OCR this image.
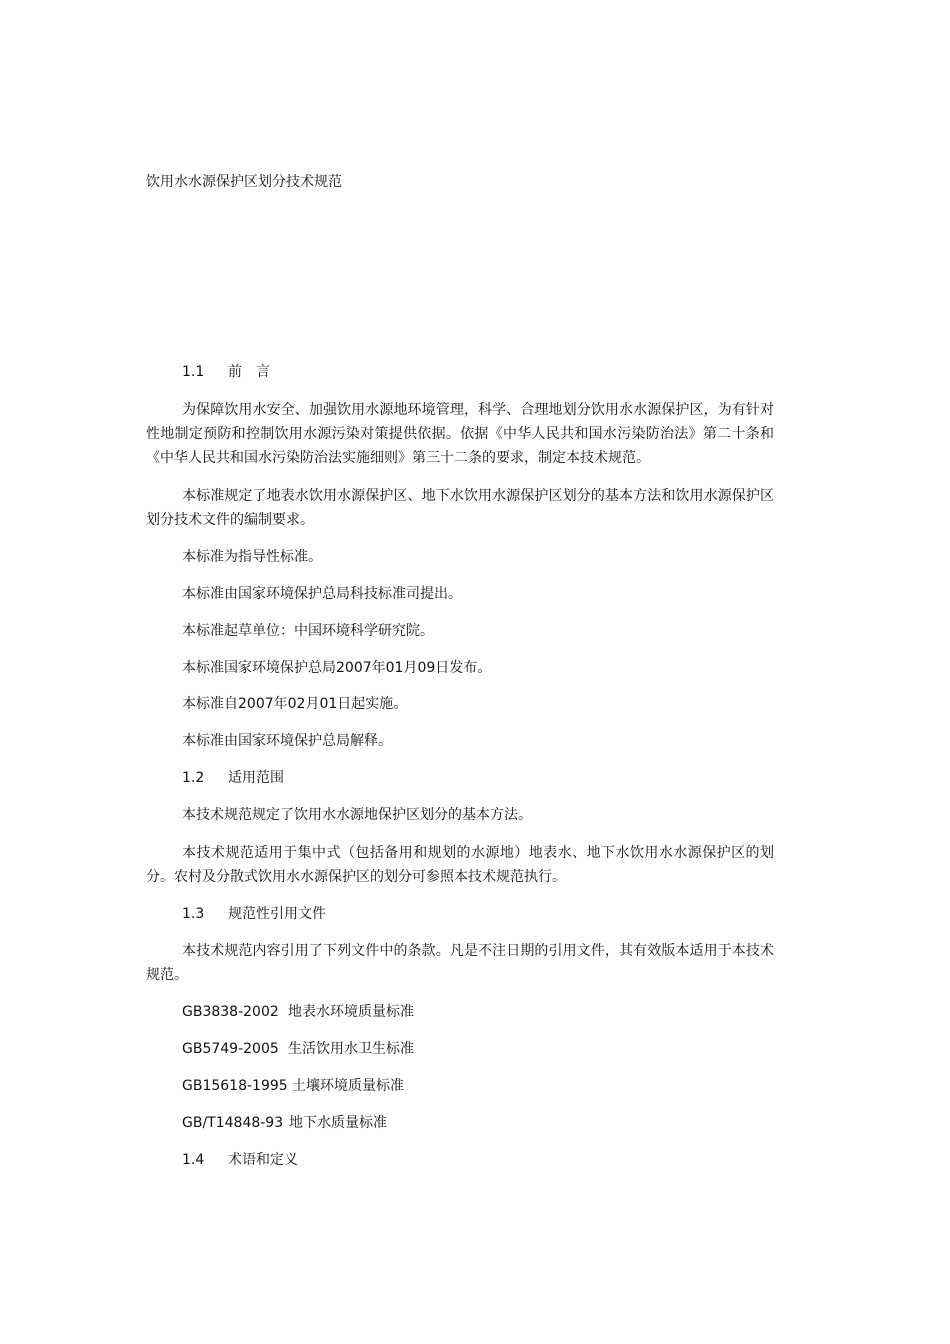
饮用水水源保护区划分技术规范
1.1 前　言
为保障饮用水安全、加强饮用水源地环境管理，科学、合理地划分饮用水水源保护区，为有针对性地制定预防和控制饮用水源污染对策提供依据。依据《中华人民共和国水污染防治法》第二十条和《中华人民共和国水污染防治法实施细则》第三十二条的要求，制定本技术规范。
本标准规定了地表水饮用水源保护区、地下水饮用水源保护区划分的基本方法和饮用水源保护区划分技术文件的编制要求。
本标准为指导性标准。
本标准由国家环境保护总局科技标准司提出。
本标准起草单位：中国环境科学研究院。
本标准国家环境保护总局2007年01月09日发布。
本标准自2007年02月01日起实施。
本标准由国家环境保护总局解释。
1.2 适用范围
本技术规范规定了饮用水水源地保护区划分的基本方法。
本技术规范适用于集中式（包括备用和规划的水源地）地表水、地下水饮用水水源保护区的划分。农村及分散式饮用水水源保护区的划分可参照本技术规范执行。
1.3 规范性引用文件
本技术规范内容引用了下列文件中的条款。凡是不注日期的引用文件，其有效版本适用于本技术规范。
GB3838-2002 地表水环境质量标准
GB5749-2005 生活饮用水卫生标准
GB15618-1995 土壤环境质量标准
GB/T14848-93 地下水质量标准
1.4 术语和定义
